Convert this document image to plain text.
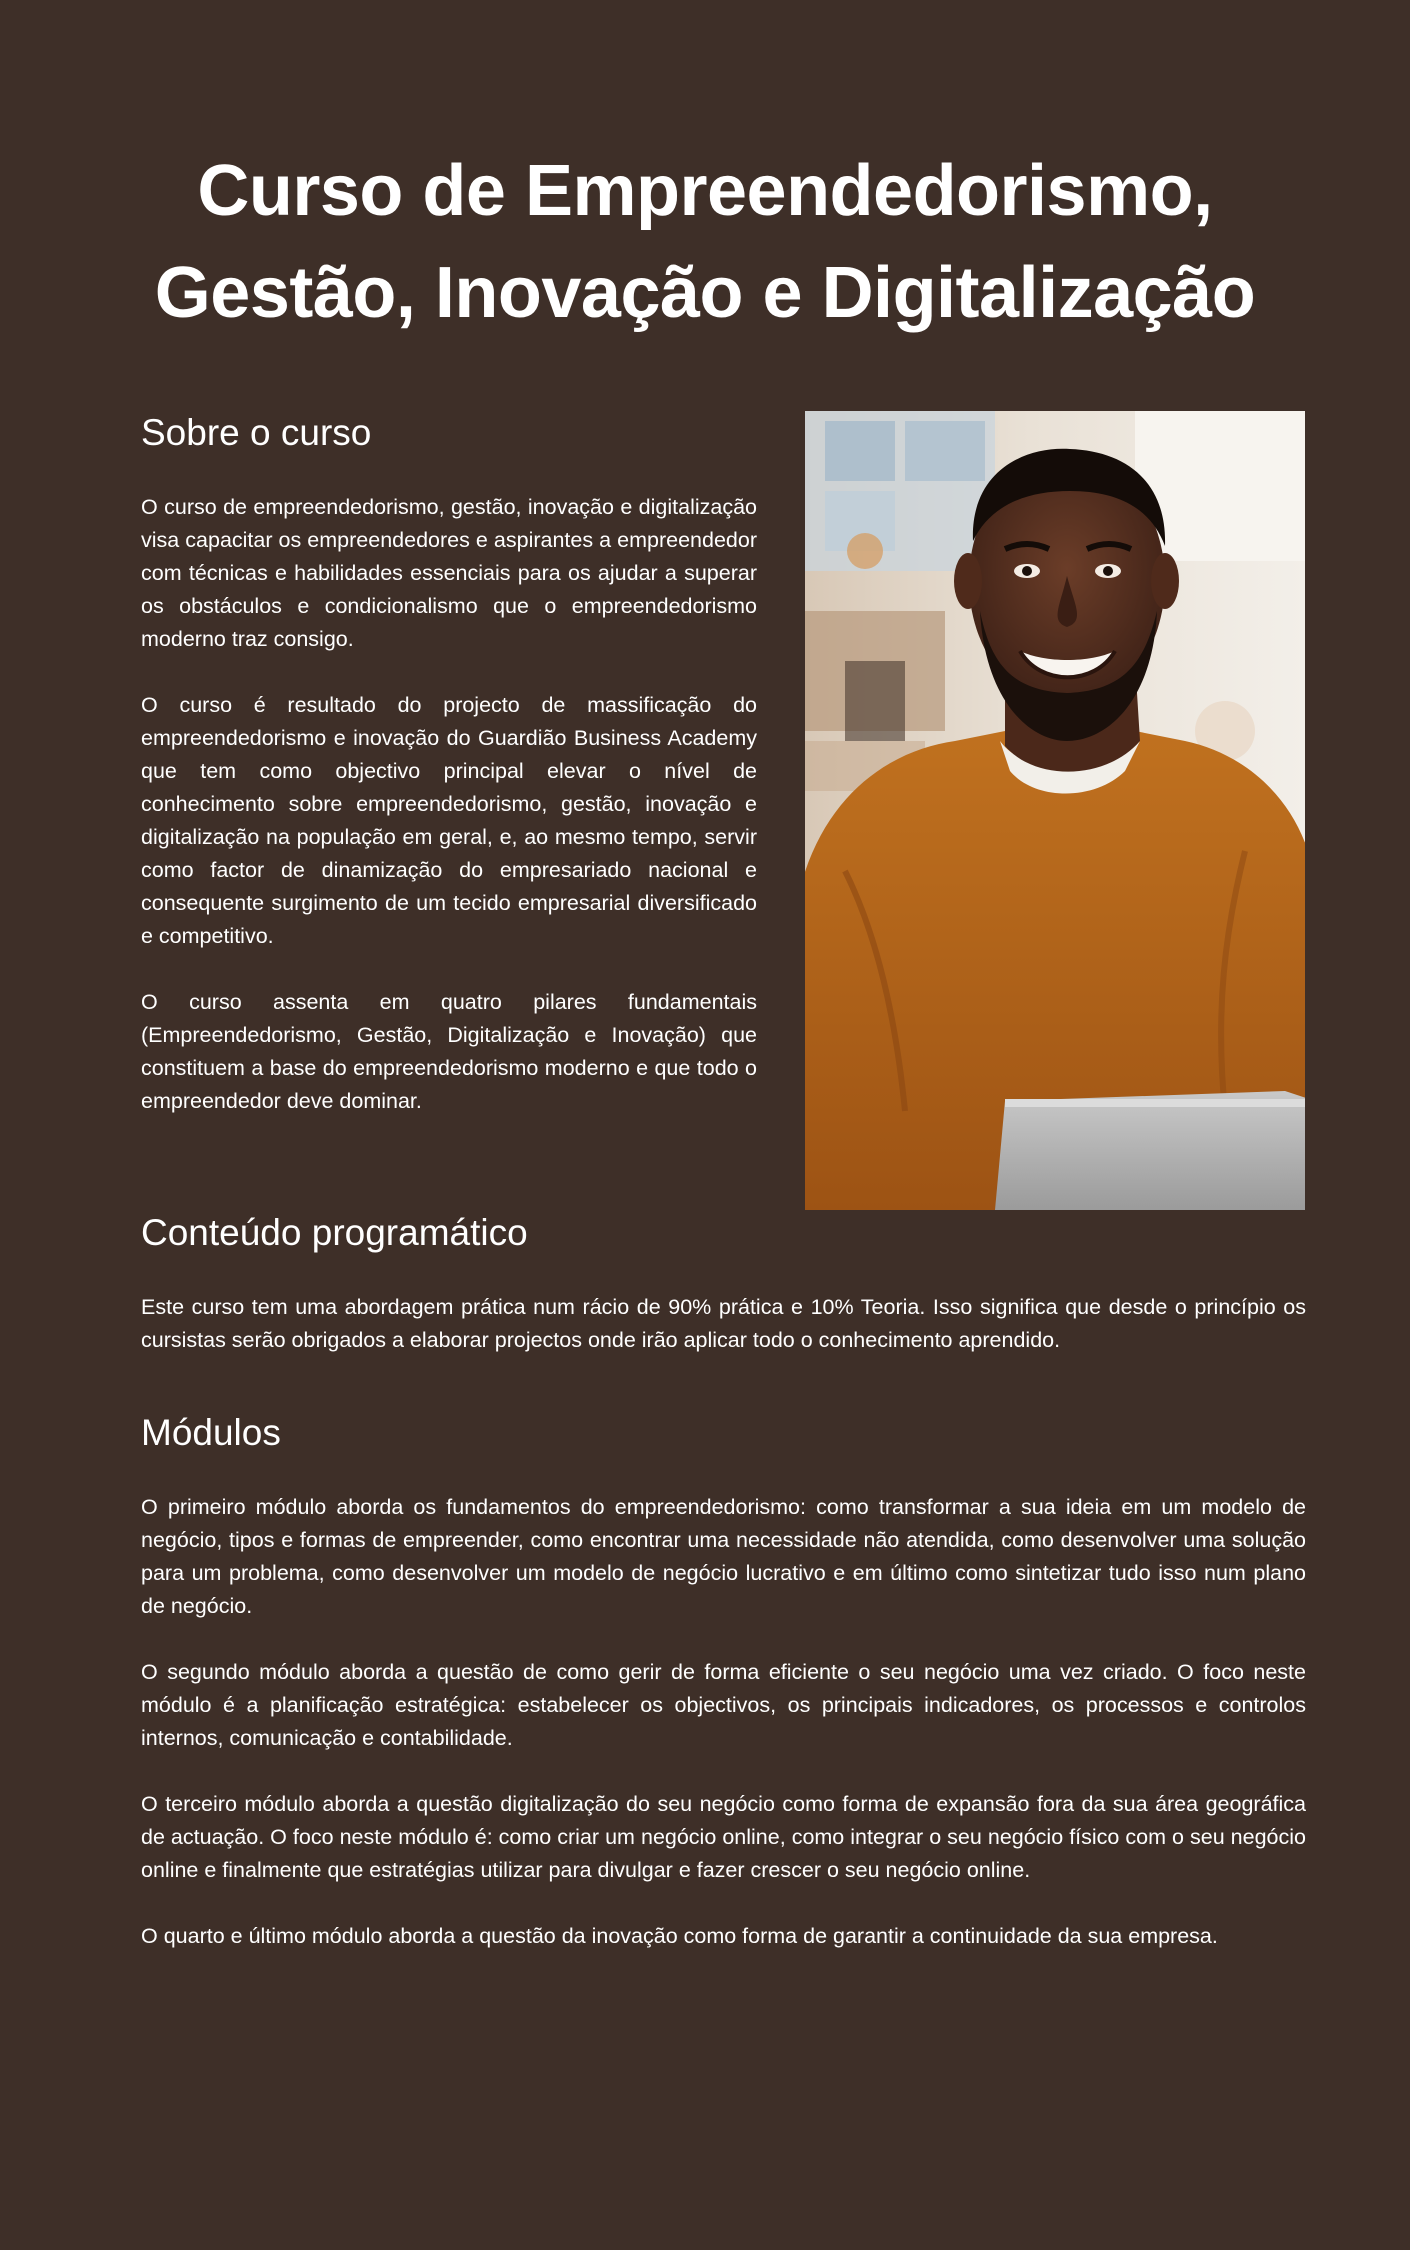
Curso de Empreendedorismo,
Gestão, Inovação e Digitalização
Sobre o curso

O curso de empreendedorismo, gestão, inovação e digitalização visa capacitar os empreendedores e aspirantes a empreendedor com técnicas e habilidades essenciais para os ajudar a superar os obstáculos e condicionalismo que o empreendedorismo moderno traz consigo.

O curso é resultado do projecto de massificação do empreendedorismo e inovação do Guardião Business Academy que tem como objectivo principal elevar o nível de conhecimento sobre empreendedorismo, gestão, inovação e digitalização na população em geral, e, ao mesmo tempo, servir como factor de dinamização do empresariado nacional e consequente surgimento de um tecido empresarial diversificado e competitivo.

O curso assenta em quatro pilares fundamentais (Empreendedorismo, Gestão, Digitalização e Inovação) que constituem a base do empreendedorismo moderno e que todo o empreendedor deve dominar.

Conteúdo programático

Este curso tem uma abordagem prática num rácio de 90% prática e 10% Teoria. Isso significa que desde o princípio os cursistas serão obrigados a elaborar projectos onde irão aplicar todo o conhecimento aprendido.

Módulos

O primeiro módulo aborda os fundamentos do empreendedorismo: como transformar a sua ideia em um modelo de negócio, tipos e formas de empreender, como encontrar uma necessidade não atendida, como desenvolver uma solução para um problema, como desenvolver um modelo de negócio lucrativo e em último como sintetizar tudo isso num plano de negócio.

O segundo módulo aborda a questão de como gerir de forma eficiente o seu negócio uma vez criado. O foco neste módulo é a planificação estratégica: estabelecer os objectivos, os principais indicadores, os processos e controlos internos, comunicação e contabilidade.

O terceiro módulo aborda a questão digitalização do seu negócio como forma de expansão fora da sua área geográfica de actuação. O foco neste módulo é: como criar um negócio online, como integrar o seu negócio físico com o seu negócio online e finalmente que estratégias utilizar para divulgar e fazer crescer o seu negócio online.

O quarto e último módulo aborda a questão da inovação como forma de garantir a continuidade da sua empresa.
